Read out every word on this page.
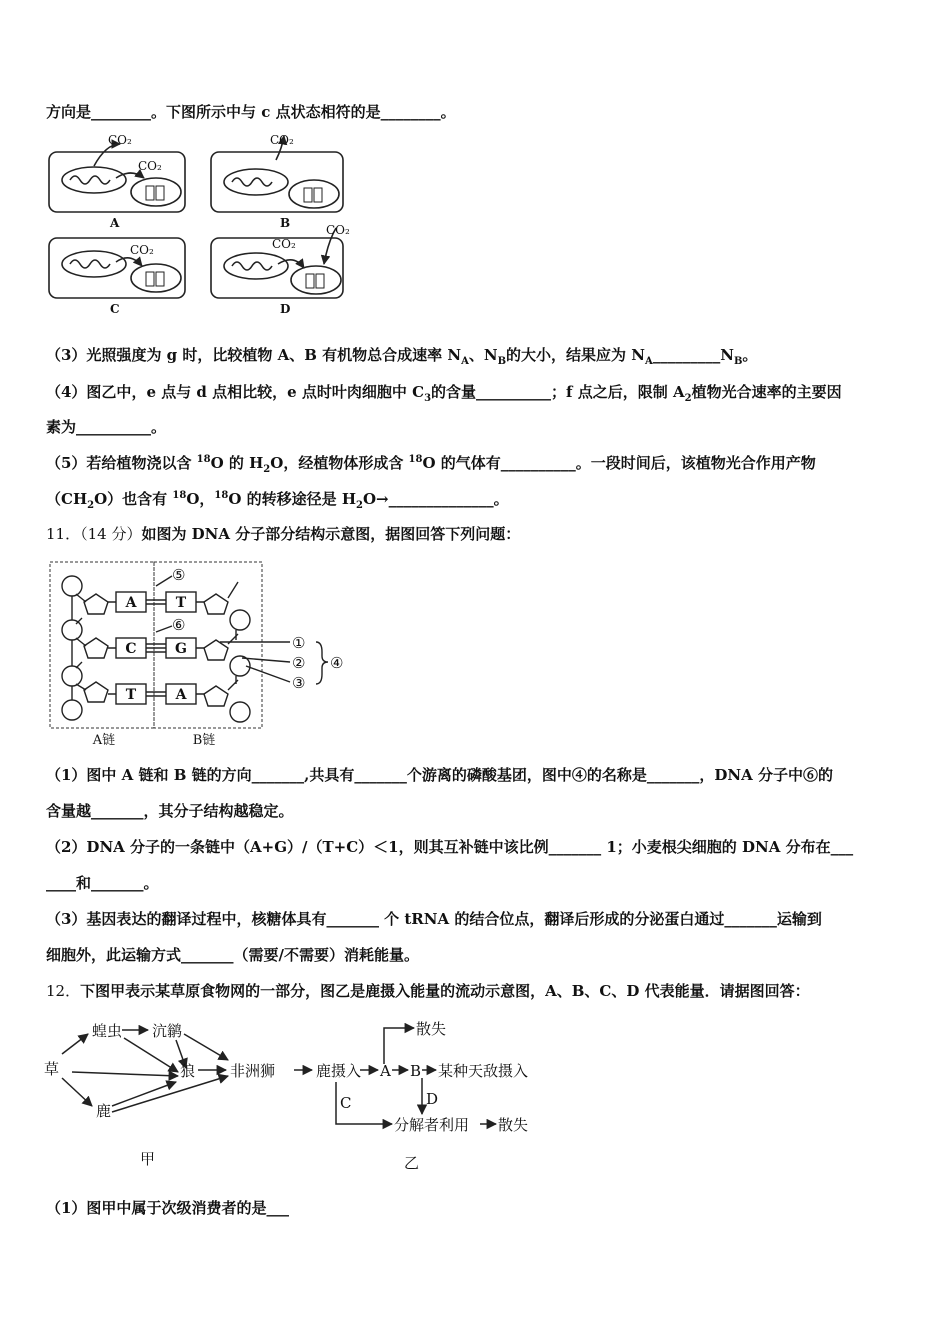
方向是________。下图所示中与 c 点状态相符的是________。
CO₂
CO₂
CO₂
CO₂	CO₂
CO₂
A	B
C	D
（3）光照强度为 g 时，比较植物 A、B 有机物总合成速率 $N_A$、$N_B$的大小，结果应为 $N_A\_\_\_\_\_\_\_\_\_N_B$。
（4）图乙中，e 点与 d 点相比较，e 点时叶肉细胞中 $C_3$的含量__________；f 点之后，限制 $A_2$植物光合速率的主要因
素为__________。
（5）若给植物浇以含 $^{18}$O 的 $H_2O$，经植物体形成含 $^{18}$O 的气体有__________。一段时间后，该植物光合作用产物
$(CH_2O)$也含有 $^{18}$O，$^{18}$O 的转移途径是 $H_2O\to\_\_\_\_\_\_\_\_\_\_\_\_\_\_$。
11．（14 分）如图为 DNA 分子部分结构示意图，据图回答下列问题：
A
C
T
T
G
A
⑤
⑥
①
②
③
④
A链	B链
（1）图中 A 链和 B 链的方向_______,共具有_______个游离的磷酸基团，图中④的名称是_______，DNA 分子中⑥的
含量越_______，其分子结构越稳定。
（2）DNA 分子的一条链中（A+G）/（T+C）＜1，则其互补链中该比例_______ 1；小麦根尖细胞的 DNA 分布在___
____和_______。
（3）基因表达的翻译过程中，核糖体具有_______ 个 tRNA 的结合位点，翻译后形成的分泌蛋白通过_______运输到
细胞外，此运输方式_______（需要/不需要）消耗能量。
12．下图甲表示某草原食物网的一部分，图乙是鹿摄入能量的流动示意图，A、B、C、D 代表能量．请据图回答：
蝗虫 沆鹟
草	狼 非洲狮
鹿
甲
散失
鹿摄入 A B 某种天敌摄入
D
C
分解者利用 散失
乙
（1）图甲中属于次级消费者的是___
